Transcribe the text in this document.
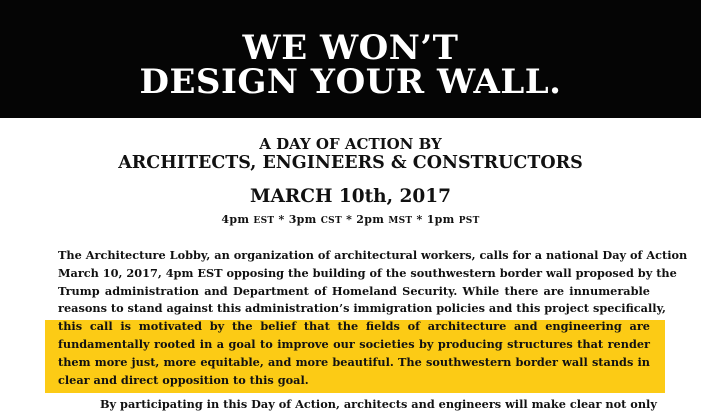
WE WON’T
DESIGN YOUR WALL.
A DAY OF ACTION BY
ARCHITECTS, ENGINEERS & CONSTRUCTORS
MARCH 10th, 2017
4pm EST * 3pm CST * 2pm MST * 1pm PST
The Architecture Lobby, an organization of architectural workers, calls for a national Day of Action
March 10, 2017, 4pm EST opposing the building of the southwestern border wall proposed by the
Trump administration and Department of Homeland Security. While there are innumerable
reasons to stand against this administration’s immigration policies and this project specifically,
this call is motivated by the belief that the fields of architecture and engineering are
fundamentally rooted in a goal to improve our societies by producing structures that render
them more just, more equitable, and more beautiful. The southwestern border wall stands in
clear and direct opposition to this goal.
By participating in this Day of Action, architects and engineers will make clear not only
